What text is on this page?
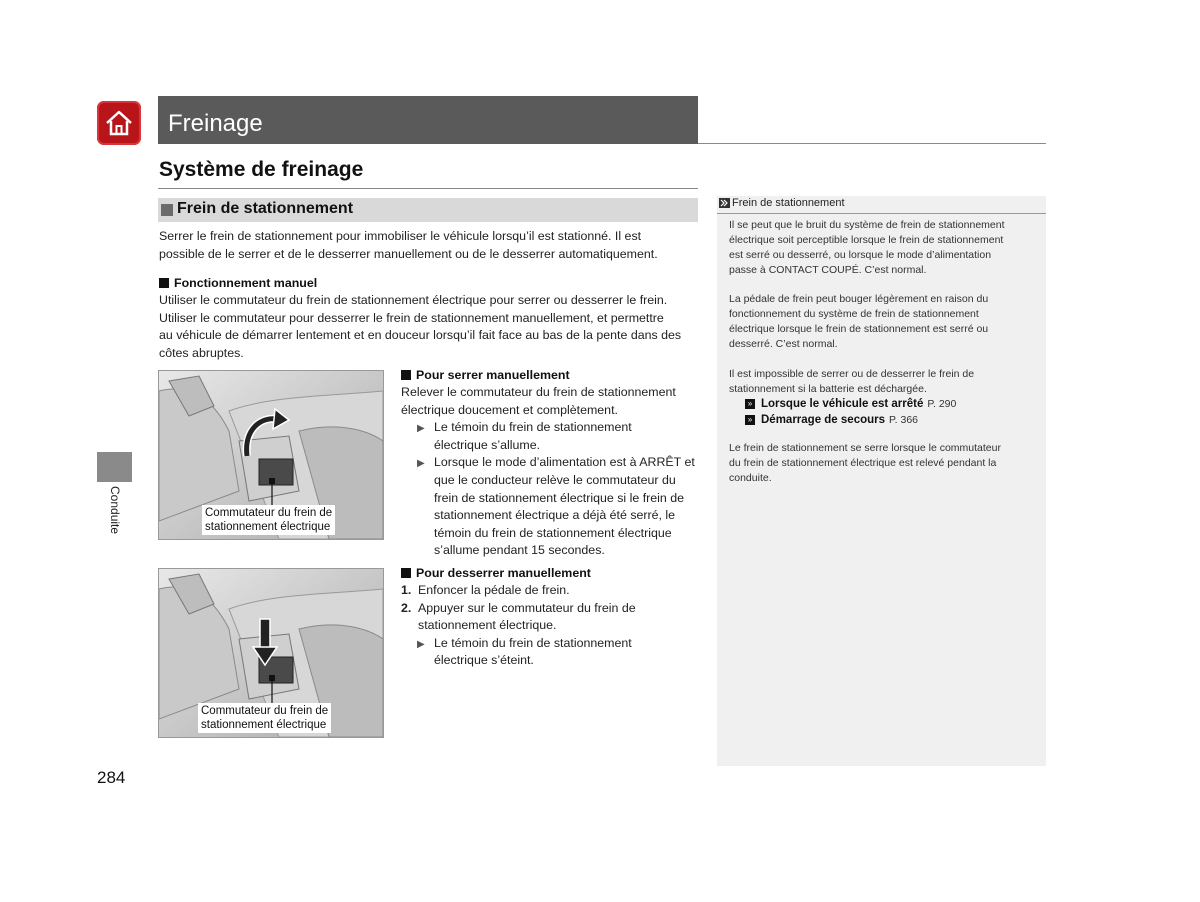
Freinage
Système de freinage
Frein de stationnement
Serrer le frein de stationnement pour immobiliser le véhicule lorsqu’il est stationné. Il est
possible de le serrer et de le desserrer manuellement ou de le desserrer automatiquement.
Fonctionnement manuel
Utiliser le commutateur du frein de stationnement électrique pour serrer ou desserrer le frein.
Utiliser le commutateur pour desserrer le frein de stationnement manuellement, et permettre
au véhicule de démarrer lentement et en douceur lorsqu’il fait face au bas de la pente dans des
côtes abruptes.
Commutateur du frein de
stationnement électrique
Pour serrer manuellement
Relever le commutateur du frein de stationnement
électrique doucement et complètement.
▶ Le témoin du frein de stationnement
électrique s’allume.
▶ Lorsque le mode d’alimentation est à ARRÊT et
que le conducteur relève le commutateur du
frein de stationnement électrique si le frein de
stationnement électrique a déjà été serré, le
témoin du frein de stationnement électrique
s’allume pendant 15 secondes.
Commutateur du frein de
stationnement électrique
Pour desserrer manuellement
1. Enfoncer la pédale de frein.
2. Appuyer sur le commutateur du frein de
stationnement électrique.
▶ Le témoin du frein de stationnement
électrique s’éteint.
Conduite
284
Frein de stationnement
Il se peut que le bruit du système de frein de stationnement
électrique soit perceptible lorsque le frein de stationnement
est serré ou desserré, ou lorsque le mode d’alimentation
passe à CONTACT COUPÉ. C’est normal.
La pédale de frein peut bouger légèrement en raison du
fonctionnement du système de frein de stationnement
électrique lorsque le frein de stationnement est serré ou
desserré. C’est normal.
Il est impossible de serrer ou de desserrer le frein de
stationnement si la batterie est déchargée.
» Lorsque le véhicule est arrêté P. 290
» Démarrage de secours P. 366
Le frein de stationnement se serre lorsque le commutateur
du frein de stationnement électrique est relevé pendant la
conduite.
